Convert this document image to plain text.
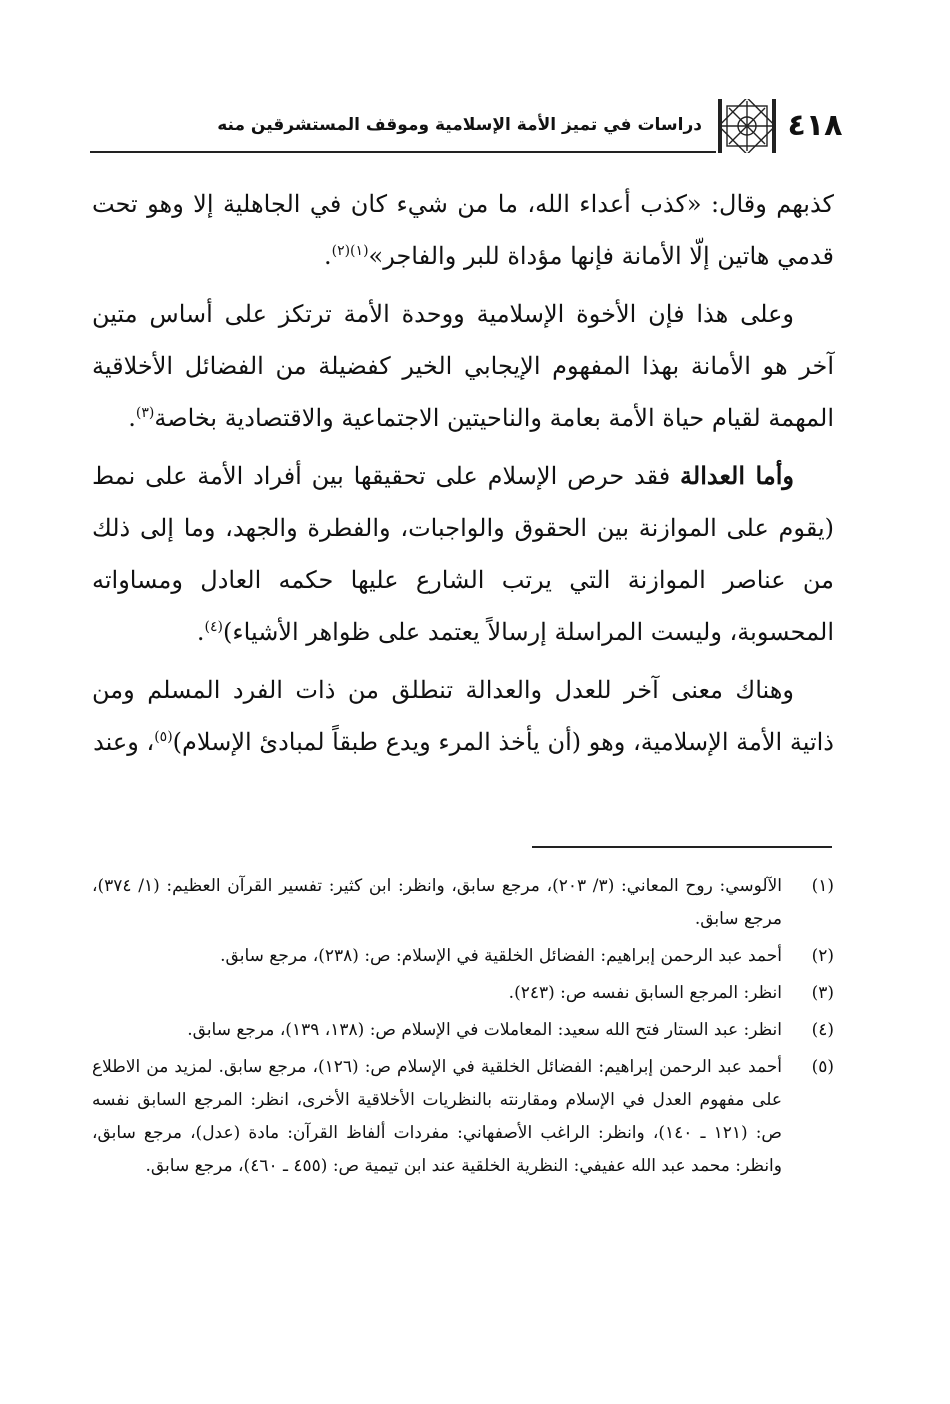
٤١٨
دراسات في تميز الأمة الإسلامية وموقف المستشرقين منه

كذبهم وقال: «كذب أعداء الله، ما من شيء كان في الجاهلية إلا وهو تحت قدمي هاتين إلّا الأمانة فإنها مؤداة للبر والفاجر»$^{(١)(٢)}$.

وعلى هذا فإن الأخوة الإسلامية ووحدة الأمة ترتكز على أساس متين آخر هو الأمانة بهذا المفهوم الإيجابي الخير كفضيلة من الفضائل الأخلاقية المهمة لقيام حياة الأمة بعامة والناحيتين الاجتماعية والاقتصادية بخاصة$^{(٣)}$.

وأما العدالة فقد حرص الإسلام على تحقيقها بين أفراد الأمة على نمط (يقوم على الموازنة بين الحقوق والواجبات، والفطرة والجهد، وما إلى ذلك من عناصر الموازنة التي يرتب الشارع عليها حكمه العادل ومساواته المحسوبة، وليست المراسلة إرسالاً يعتمد على ظواهر الأشياء)$^{(٤)}$.

وهناك معنى آخر للعدل والعدالة تنطلق من ذات الفرد المسلم ومن ذاتية الأمة الإسلامية، وهو (أن يأخذ المرء ويدع طبقاً لمبادئ الإسلام)$^{(٥)}$، وعند

(١)
الآلوسي: روح المعاني: (٣/ ٢٠٣)، مرجع سابق، وانظر: ابن كثير: تفسير القرآن العظيم: (١/ ٣٧٤)، مرجع سابق.
(٢)
أحمد عبد الرحمن إبراهيم: الفضائل الخلقية في الإسلام: ص: (٢٣٨)، مرجع سابق.
(٣)
انظر: المرجع السابق نفسه ص: (٢٤٣).
(٤)
انظر: عبد الستار فتح الله سعيد: المعاملات في الإسلام ص: (١٣٨، ١٣٩)، مرجع سابق.
(٥)
أحمد عبد الرحمن إبراهيم: الفضائل الخلقية في الإسلام ص: (١٢٦)، مرجع سابق. لمزيد من الاطلاع على مفهوم العدل في الإسلام ومقارنته بالنظريات الأخلاقية الأخرى، انظر: المرجع السابق نفسه ص: (١٢١ ـ ١٤٠)، وانظر: الراغب الأصفهاني: مفردات ألفاظ القرآن: مادة (عدل)، مرجع سابق، وانظر: محمد عبد الله عفيفي: النظرية الخلقية عند ابن تيمية ص: (٤٥٥ ـ ٤٦٠)، مرجع سابق.
